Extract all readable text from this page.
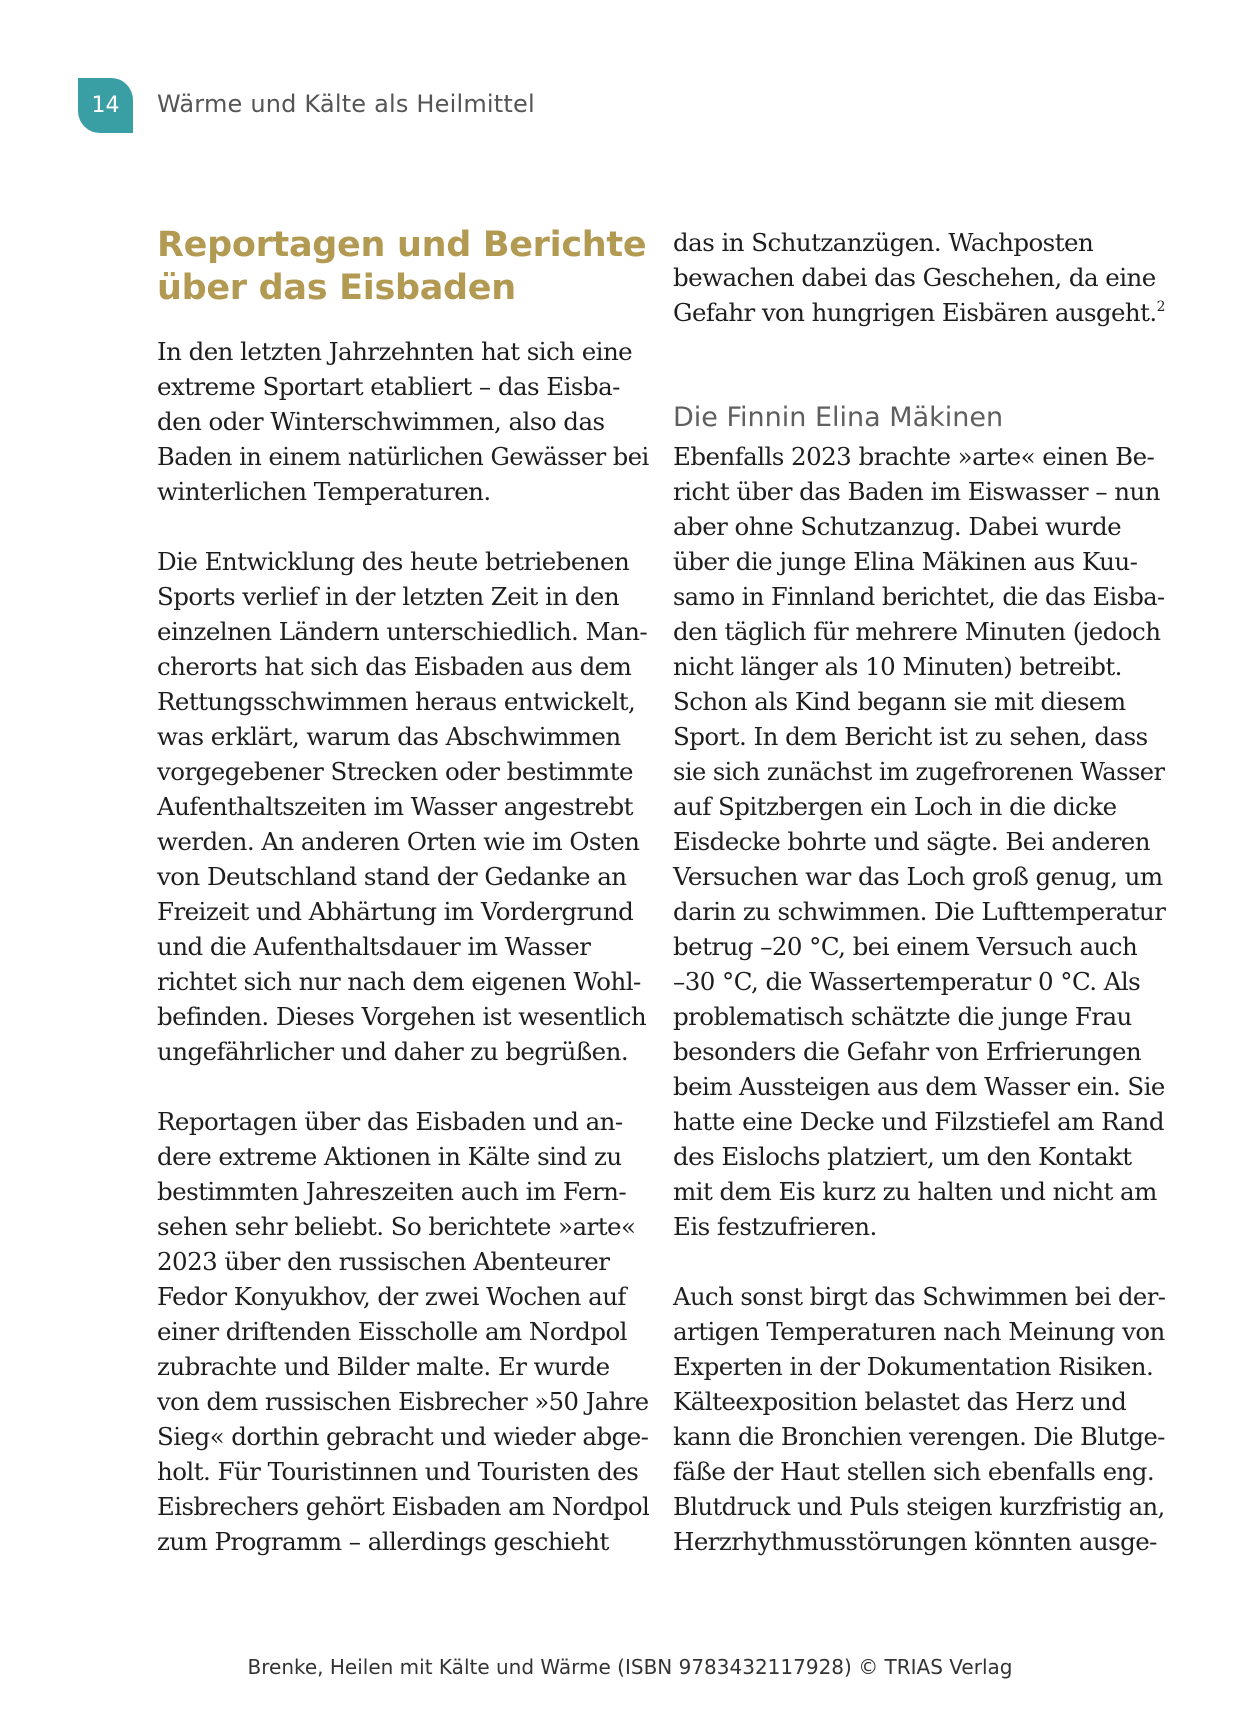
14 Wärme und Kälte als Heilmittel
Reportagen und Berichte
über das Eisbaden
In den letzten Jahrzehnten hat sich eine
extreme Sportart etabliert – das Eisba-
den oder Winterschwimmen, also das
Baden in einem natürlichen Gewässer bei
winterlichen Temperaturen.
Die Entwicklung des heute betriebenen
Sports verlief in der letzten Zeit in den
einzelnen Ländern unterschiedlich. Man-
cherorts hat sich das Eisbaden aus dem
Rettungsschwimmen heraus entwickelt,
was erklärt, warum das Abschwimmen
vorgegebener Strecken oder bestimmte
Aufenthaltszeiten im Wasser angestrebt
werden. An anderen Orten wie im Osten
von Deutschland stand der Gedanke an
Freizeit und Abhärtung im Vordergrund
und die Aufenthaltsdauer im Wasser
richtet sich nur nach dem eigenen Wohl-
befinden. Dieses Vorgehen ist wesentlich
ungefährlicher und daher zu begrüßen.
Reportagen über das Eisbaden und an-
dere extreme Aktionen in Kälte sind zu
bestimmten Jahreszeiten auch im Fern-
sehen sehr beliebt. So berichtete »arte«
2023 über den russischen Abenteurer
Fedor Konyukhov, der zwei Wochen auf
einer driftenden Eisscholle am Nordpol
zubrachte und Bilder malte. Er wurde
von dem russischen Eisbrecher »50 Jahre
Sieg« dorthin gebracht und wieder abge-
holt. Für Touristinnen und Touristen des
Eisbrechers gehört Eisbaden am Nordpol
zum Programm – allerdings geschieht
das in Schutzanzügen. Wachposten
bewachen dabei das Geschehen, da eine
Gefahr von hungrigen Eisbären ausgeht.$^2$
Die Finnin Elina Mäkinen
Ebenfalls 2023 brachte »arte« einen Be-
richt über das Baden im Eiswasser – nun
aber ohne Schutzanzug. Dabei wurde
über die junge Elina Mäkinen aus Kuu-
samo in Finnland berichtet, die das Eisba-
den täglich für mehrere Minuten (jedoch
nicht länger als 10 Minuten) betreibt.
Schon als Kind begann sie mit diesem
Sport. In dem Bericht ist zu sehen, dass
sie sich zunächst im zugefrorenen Wasser
auf Spitzbergen ein Loch in die dicke
Eisdecke bohrte und sägte. Bei anderen
Versuchen war das Loch groß genug, um
darin zu schwimmen. Die Lufttemperatur
betrug –20 °C, bei einem Versuch auch
–30 °C, die Wassertemperatur 0 °C. Als
problematisch schätzte die junge Frau
besonders die Gefahr von Erfrierungen
beim Aussteigen aus dem Wasser ein. Sie
hatte eine Decke und Filzstiefel am Rand
des Eislochs platziert, um den Kontakt
mit dem Eis kurz zu halten und nicht am
Eis festzufrieren.
Auch sonst birgt das Schwimmen bei der-
artigen Temperaturen nach Meinung von
Experten in der Dokumentation Risiken.
Kälteexposition belastet das Herz und
kann die Bronchien verengen. Die Blutge-
fäße der Haut stellen sich ebenfalls eng.
Blutdruck und Puls steigen kurzfristig an,
Herzrhythmusstörungen könnten ausge-
Brenke, Heilen mit Kälte und Wärme (ISBN 9783432117928) © TRIAS Verlag
